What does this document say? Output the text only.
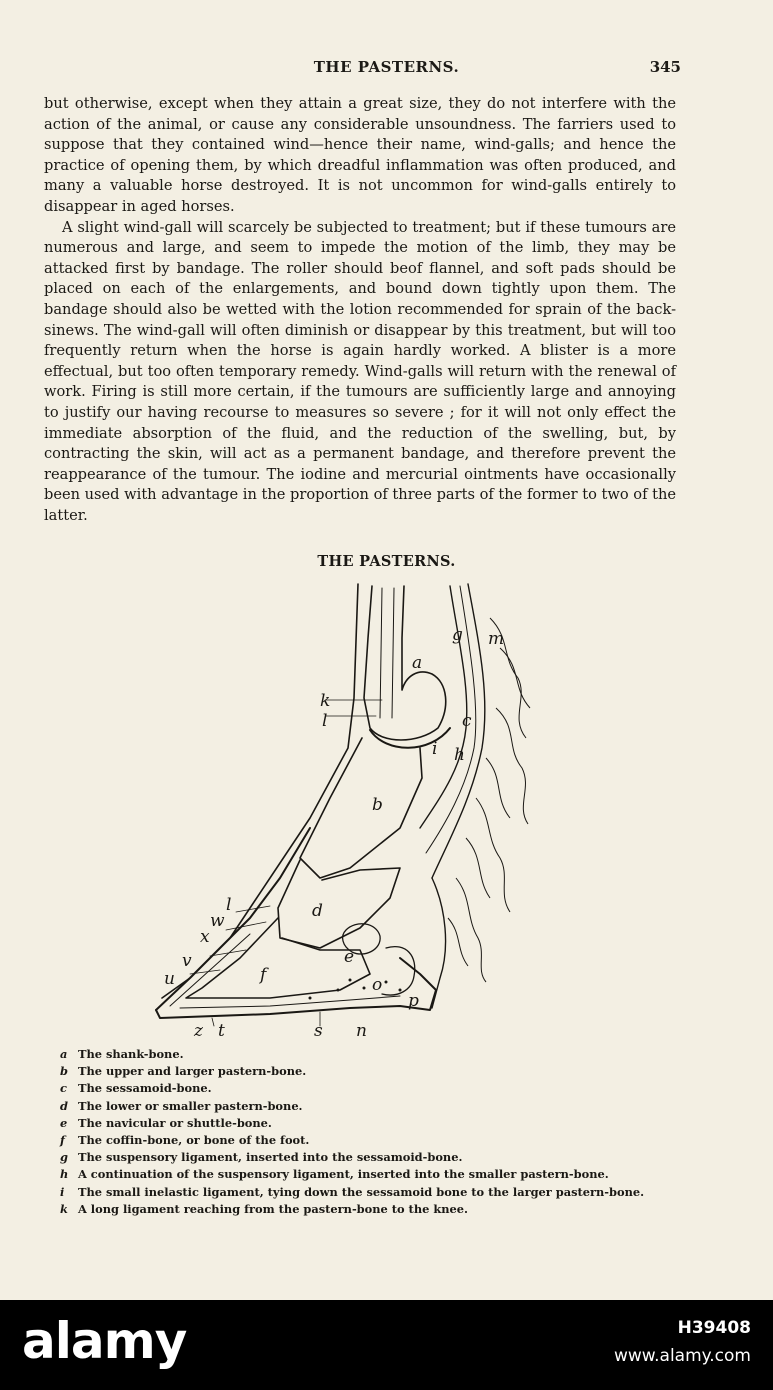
THE PASTERNS.	345

but otherwise, except when they attain a great size, they do not interfere with the action of the animal, or cause any considerable unsoundness. The farriers used to suppose that they contained wind—hence their name, wind-galls; and hence the practice of opening them, by which dreadful inflammation was often produced, and many a valuable horse destroyed. It is not uncommon for wind-galls entirely to disappear in aged horses.

A slight wind-gall will scarcely be subjected to treatment; but if these tumours are numerous and large, and seem to impede the motion of the limb, they may be attacked first by bandage. The roller should beof flannel, and soft pads should be placed on each of the enlargements, and bound down tightly upon them. The bandage should also be wetted with the lotion recommended for sprain of the back-sinews. The wind-gall will often diminish or disappear by this treatment, but will too frequently return when the horse is again hardly worked. A blister is a more effectual, but too often temporary remedy. Wind-galls will return with the renewal of work. Firing is still more certain, if the tumours are sufficiently large and annoying to justify our having recourse to measures so severe ; for it will not only effect the immediate absorption of the fluid, and the reduction of the swelling, but, by contracting the skin, will act as a permanent bandage, and therefore prevent the reappearance of the tumour. The iodine and mercurial ointments have occasionally been used with advantage in the proportion of three parts of the former to two of the latter.

THE PASTERNS.
g m
a
k
l	c
i h
b
d
l
w
x
v
u	f
e
o
p
z t	s n
a The shank-bone.
b The upper and larger pastern-bone.
c The sessamoid-bone.
d The lower or smaller pastern-bone.
e The navicular or shuttle-bone.
f The coffin-bone, or bone of the foot.
g The suspensory ligament, inserted into the sessamoid-bone.
h A continuation of the suspensory ligament, inserted into the smaller pastern-bone.
i The small inelastic ligament, tying down the sessamoid bone to the larger pastern-bone.
k A long ligament reaching from the pastern-bone to the knee.
alamy	H39408
www.alamy.com
